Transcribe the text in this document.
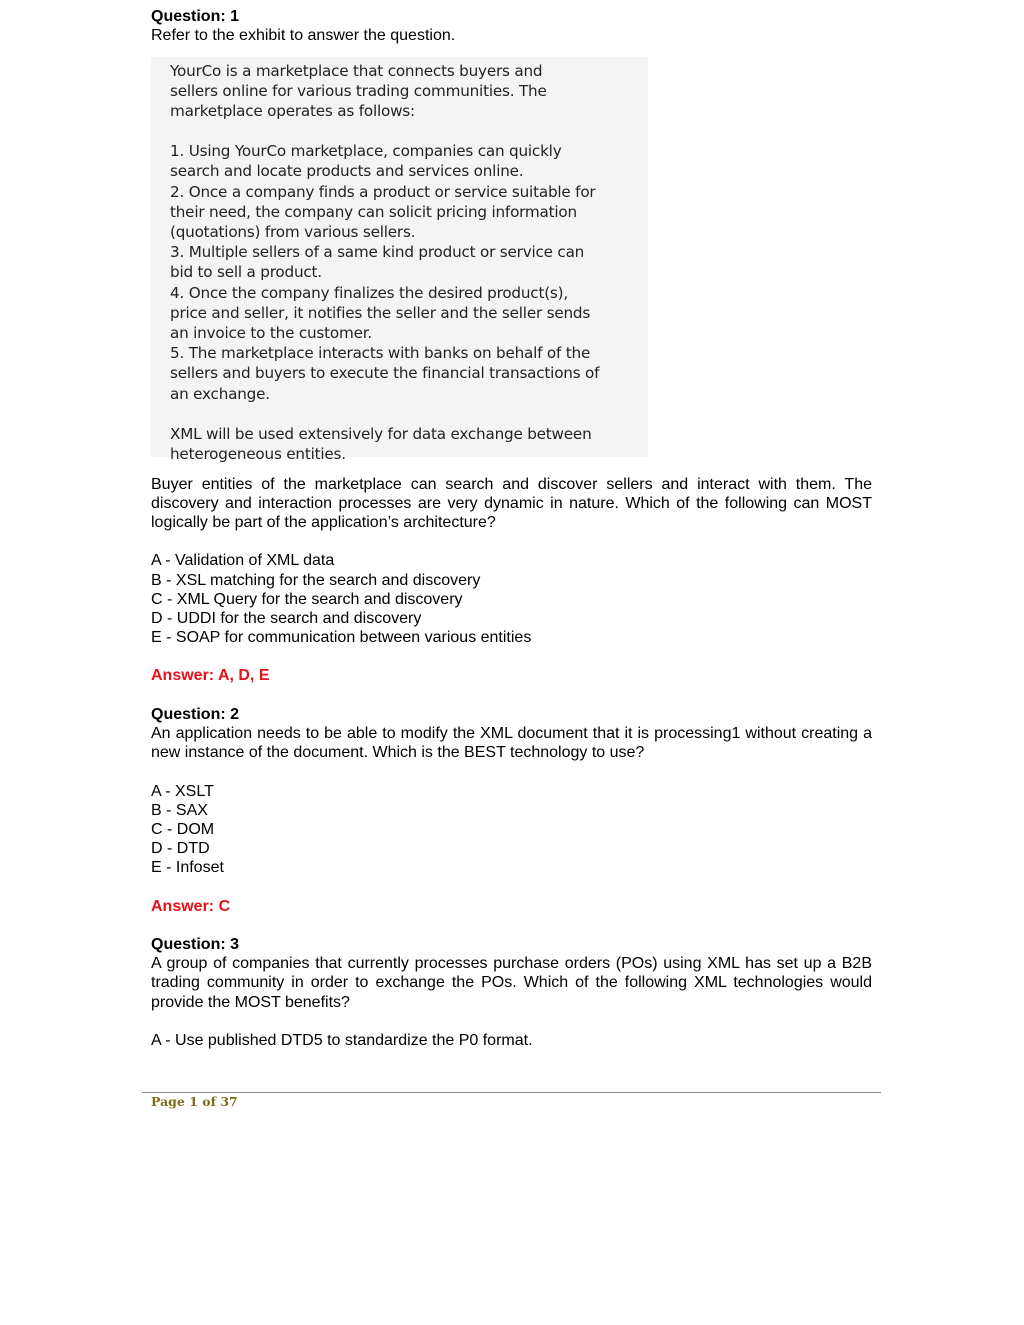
Question: 1
Refer to the exhibit to answer the question.

YourCo is a marketplace that connects buyers and
sellers online for various trading communities. The
marketplace operates as follows:

1. Using YourCo marketplace, companies can quickly
search and locate products and services online.
2. Once a company finds a product or service suitable for
their need, the company can solicit pricing information
(quotations) from various sellers.
3. Multiple sellers of a same kind product or service can
bid to sell a product.
4. Once the company finalizes the desired product(s),
price and seller, it notifies the seller and the seller sends
an invoice to the customer.
5. The marketplace interacts with banks on behalf of the
sellers and buyers to execute the financial transactions of
an exchange.

XML will be used extensively for data exchange between
heterogeneous entities.

Buyer entities of the marketplace can search and discover sellers and interact with them. The discovery and interaction processes are very dynamic in nature. Which of the following can MOST logically be part of the application’s architecture?
A - Validation of XML data
B - XSL matching for the search and discovery
C - XML Query for the search and discovery
D - UDDI for the search and discovery
E - SOAP for communication between various entities
Answer: A, D, E
Question: 2
An application needs to be able to modify the XML document that it is processing1 without creating a new instance of the document. Which is the BEST technology to use?
A - XSLT
B - SAX
C - DOM
D - DTD
E - Infoset
Answer: C
Question: 3
A group of companies that currently processes purchase orders (POs) using XML has set up a B2B trading community in order to exchange the POs. Which of the following XML technologies would provide the MOST benefits?
A - Use published DTD5 to standardize the P0 format.
Page 1 of 37
